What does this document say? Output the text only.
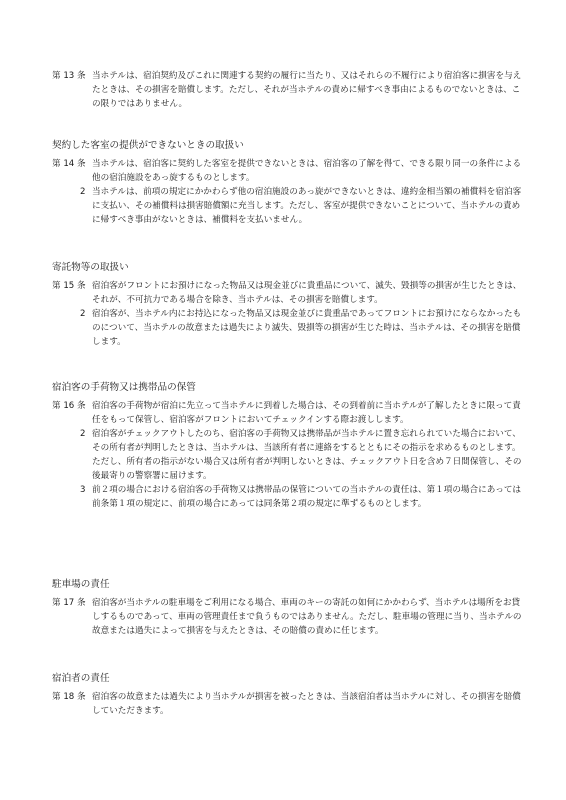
第 13 条 当ホテルは、宿泊契約及びこれに関連する契約の履行に当たり、又はそれらの不履行により宿泊客に損害を与えたときは、その損害を賠償します。ただし、それが当ホテルの責めに帰すべき事由によるものでないときは、この限りではありません。

契約した客室の提供ができないときの取扱い
第 14 条 当ホテルは、宿泊客に契約した客室を提供できないときは、宿泊客の了解を得て、できる限り同一の条件による他の宿泊施設をあっ旋するものとします。

2 当ホテルは、前項の規定にかかわらず他の宿泊施設のあっ旋ができないときは、違約金相当額の補償料を宿泊客に支払い、その補償料は損害賠償額に充当します。ただし、客室が提供できないことについて、当ホテルの責めに帰すべき事由がないときは、補償料を支払いません。

寄託物等の取扱い
第 15 条 宿泊客がフロントにお預けになった物品又は現金並びに貴重品について、滅失、毀損等の損害が生じたときは、それが、不可抗力である場合を除き、当ホテルは、その損害を賠償します。

2 宿泊客が、当ホテル内にお持込になった物品又は現金並びに貴重品であってフロントにお預けにならなかったものについて、当ホテルの故意または過失により滅失、毀損等の損害が生じた時は、当ホテルは、その損害を賠償します。

宿泊客の手荷物又は携帯品の保管
第 16 条 宿泊客の手荷物が宿泊に先立って当ホテルに到着した場合は、その到着前に当ホテルが了解したときに限って責任をもって保管し、宿泊客がフロントにおいてチェックインする際お渡しします。

2 宿泊客がチェックアウトしたのち、宿泊客の手荷物又は携帯品が当ホテルに置き忘れられていた場合において、その所有者が判明したときは、当ホテルは、当該所有者に連絡をするとともにその指示を求めるものとします。ただし、所有者の指示がない場合又は所有者が判明しないときは、チェックアウト日を含め７日間保管し、その後最寄りの警察署に届けます。

3 前２項の場合における宿泊客の手荷物又は携帯品の保管についての当ホテルの責任は、第１項の場合にあっては前条第１項の規定に、前項の場合にあっては同条第２項の規定に準ずるものとします。

駐車場の責任
第 17 条 宿泊客が当ホテルの駐車場をご利用になる場合、車両のキーの寄託の如何にかかわらず、当ホテルは場所をお貸しするものであって、車両の管理責任まで負うものではありません。ただし、駐車場の管理に当り、当ホテルの故意または過失によって損害を与えたときは、その賠償の責めに任じます。

宿泊者の責任
第 18 条 宿泊客の故意または過失により当ホテルが損害を被ったときは、当該宿泊者は当ホテルに対し、その損害を賠償していただきます。
